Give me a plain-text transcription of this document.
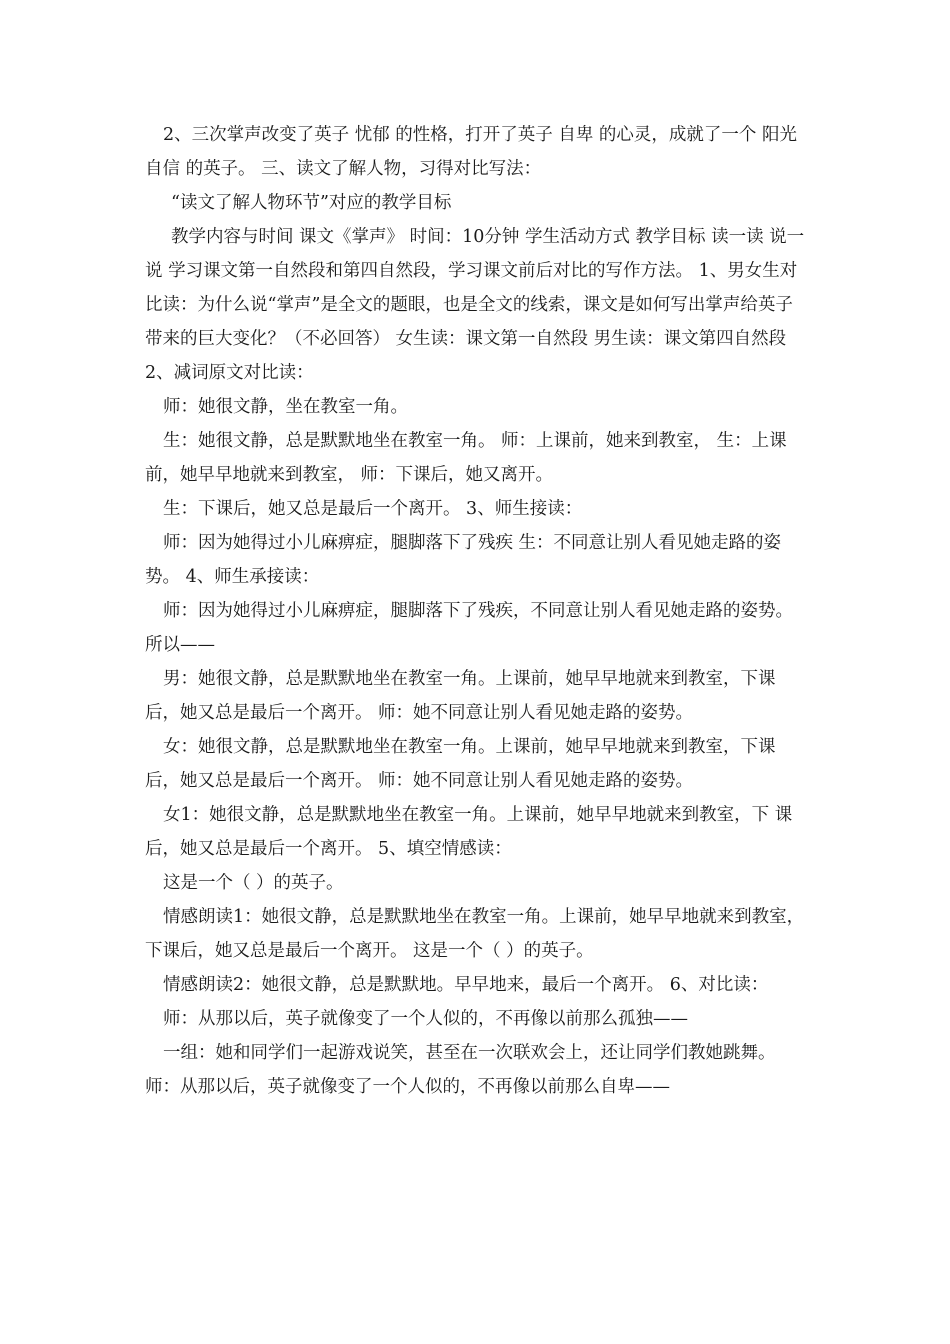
2、三次掌声改变了英子 忧郁 的性格，打开了英子 自卑 的心灵，成就了一个 阳光自信 的英子。 三、读文了解人物，习得对比写法：

“读文了解人物环节”对应的教学目标

教学内容与时间 课文《掌声》 时间：10分钟 学生活动方式 教学目标 读一读 说一说 学习课文第一自然段和第四自然段，学习课文前后对比的写作方法。 1、男女生对比读：为什么说“掌声”是全文的题眼，也是全文的线索，课文是如何写出掌声给英子带来的巨大变化？（不必回答） 女生读：课文第一自然段 男生读：课文第四自然段 2、减词原文对比读：

师：她很文静，坐在教室一角。

生：她很文静，总是默默地坐在教室一角。 师：上课前，她来到教室， 生：上课前，她早早地就来到教室， 师：下课后，她又离开。

生：下课后，她又总是最后一个离开。 3、师生接读：

师：因为她得过小儿麻痹症，腿脚落下了残疾 生：不同意让别人看见她走路的姿势。 4、师生承接读：

师：因为她得过小儿麻痹症，腿脚落下了残疾，不同意让别人看见她走路的姿势。 所以——

男：她很文静，总是默默地坐在教室一角。上课前，她早早地就来到教室，下课 后，她又总是最后一个离开。 师：她不同意让别人看见她走路的姿势。

女：她很文静，总是默默地坐在教室一角。上课前，她早早地就来到教室，下课 后，她又总是最后一个离开。 师：她不同意让别人看见她走路的姿势。

女1：她很文静，总是默默地坐在教室一角。上课前，她早早地就来到教室，下 课后，她又总是最后一个离开。 5、填空情感读：

这是一个（ ）的英子。

情感朗读1：她很文静，总是默默地坐在教室一角。上课前，她早早地就来到教室，下课后，她又总是最后一个离开。 这是一个（ ）的英子。

情感朗读2：她很文静，总是默默地。早早地来，最后一个离开。 6、对比读：

师：从那以后，英子就像变了一个人似的，不再像以前那么孤独——

一组：她和同学们一起游戏说笑，甚至在一次联欢会上，还让同学们教她跳舞。 师：从那以后，英子就像变了一个人似的，不再像以前那么自卑——
